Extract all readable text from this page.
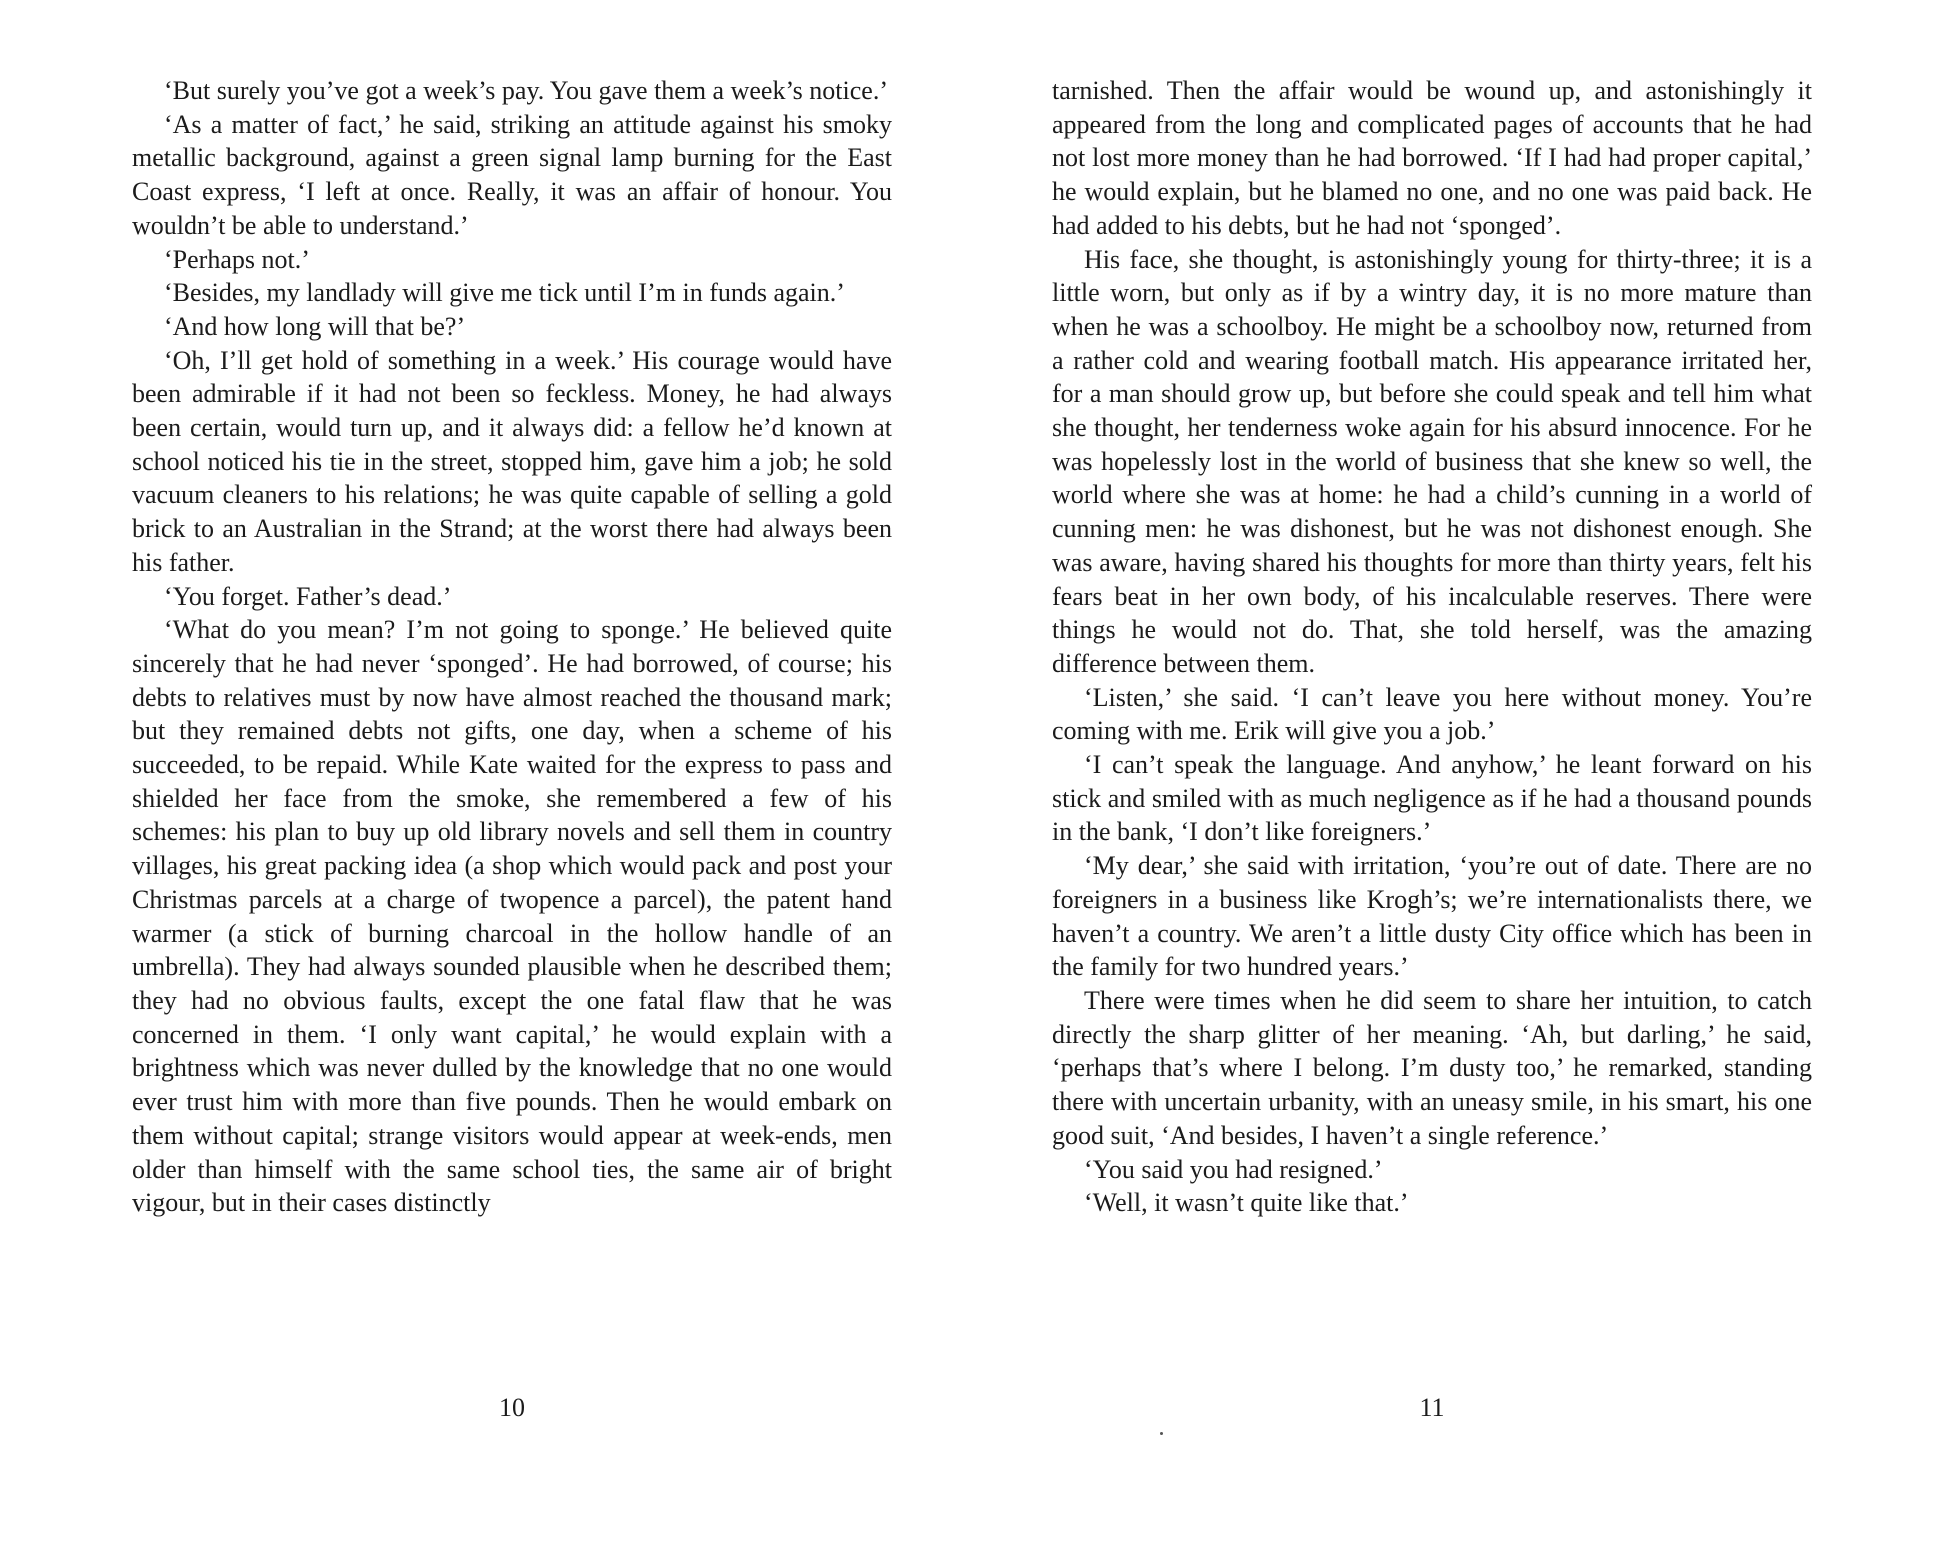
‘But surely you’ve got a week’s pay. You gave them a week’s notice.’

‘As a matter of fact,’ he said, striking an attitude against his smoky metallic background, against a green signal lamp burning for the East Coast express, ‘I left at once. Really, it was an affair of honour. You wouldn’t be able to understand.’

‘Perhaps not.’

‘Besides, my landlady will give me tick until I’m in funds again.’

‘And how long will that be?’

‘Oh, I’ll get hold of something in a week.’ His courage would have been admirable if it had not been so feckless. Money, he had always been certain, would turn up, and it always did: a fellow he’d known at school noticed his tie in the street, stopped him, gave him a job; he sold vacuum cleaners to his relations; he was quite capable of selling a gold brick to an Australian in the Strand; at the worst there had always been his father.

‘You forget. Father’s dead.’

‘What do you mean? I’m not going to sponge.’ He believed quite sincerely that he had never ‘sponged’. He had borrowed, of course; his debts to relatives must by now have almost reached the thousand mark; but they remained debts not gifts, one day, when a scheme of his succeeded, to be repaid. While Kate waited for the express to pass and shielded her face from the smoke, she remembered a few of his schemes: his plan to buy up old library novels and sell them in country villages, his great packing idea (a shop which would pack and post your Christmas parcels at a charge of twopence a parcel), the patent hand warmer (a stick of burning charcoal in the hollow handle of an umbrella). They had always sounded plausible when he described them; they had no obvious faults, except the one fatal flaw that he was concerned in them. ‘I only want capital,’ he would explain with a brightness which was never dulled by the knowledge that no one would ever trust him with more than five pounds. Then he would embark on them without capital; strange visitors would appear at week-ends, men older than himself with the same school ties, the same air of bright vigour, but in their cases distinctly

10

tarnished. Then the affair would be wound up, and astonishingly it appeared from the long and complicated pages of accounts that he had not lost more money than he had borrowed. ‘If I had had proper capital,’ he would explain, but he blamed no one, and no one was paid back. He had added to his debts, but he had not ‘sponged’.

His face, she thought, is astonishingly young for thirty-three; it is a little worn, but only as if by a wintry day, it is no more mature than when he was a schoolboy. He might be a schoolboy now, returned from a rather cold and wearing football match. His appearance irritated her, for a man should grow up, but before she could speak and tell him what she thought, her tenderness woke again for his absurd innocence. For he was hopelessly lost in the world of business that she knew so well, the world where she was at home: he had a child’s cunning in a world of cunning men: he was dishonest, but he was not dishonest enough. She was aware, having shared his thoughts for more than thirty years, felt his fears beat in her own body, of his incalculable reserves. There were things he would not do. That, she told herself, was the amazing difference between them.

‘Listen,’ she said. ‘I can’t leave you here without money. You’re coming with me. Erik will give you a job.’

‘I can’t speak the language. And anyhow,’ he leant forward on his stick and smiled with as much negligence as if he had a thousand pounds in the bank, ‘I don’t like foreigners.’

‘My dear,’ she said with irritation, ‘you’re out of date. There are no foreigners in a business like Krogh’s; we’re internationalists there, we haven’t a country. We aren’t a little dusty City office which has been in the family for two hundred years.’

There were times when he did seem to share her intuition, to catch directly the sharp glitter of her meaning. ‘Ah, but darling,’ he said, ‘perhaps that’s where I belong. I’m dusty too,’ he remarked, standing there with uncertain urbanity, with an uneasy smile, in his smart, his one good suit, ‘And besides, I haven’t a single reference.’

‘You said you had resigned.’

‘Well, it wasn’t quite like that.’

11
